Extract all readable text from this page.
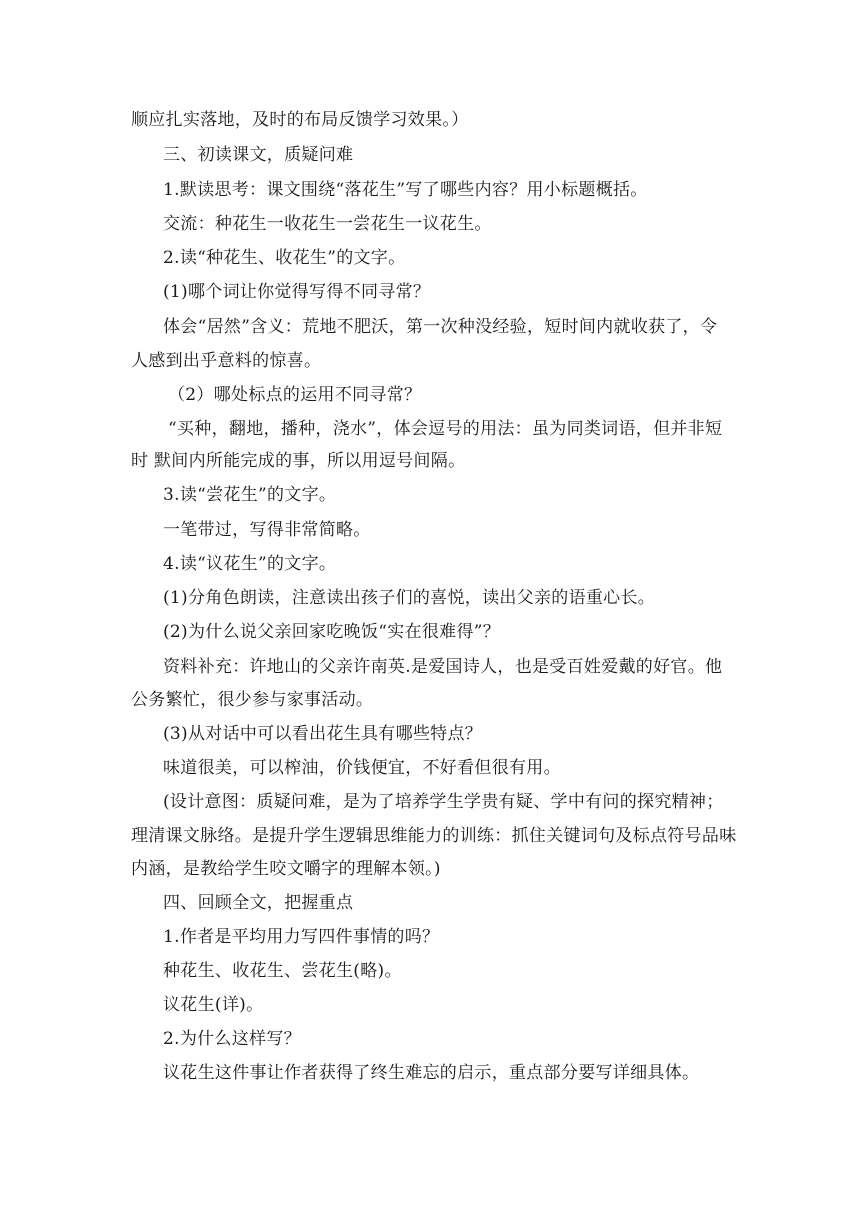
顺应扎实落地，及时的布局反馈学习效果。）
三、初读课文，质疑问难
1.默读思考：课文围绕“落花生”写了哪些内容？用小标题概括。
交流：种花生一收花生一尝花生一议花生。
2.读“种花生、收花生”的文字。
(1)哪个词让你觉得写得不同寻常？
体会“居然”含义：荒地不肥沃，第一次种没经验，短时间内就收获了，令
人感到出乎意料的惊喜。
（2）哪处标点的运用不同寻常？
“买种，翻地，播种，浇水”，体会逗号的用法：虽为同类词语，但并非短
时 默间内所能完成的事，所以用逗号间隔。
3.读“尝花生”的文字。
一笔带过，写得非常简略。
4.读“议花生”的文字。
(1)分角色朗读，注意读出孩子们的喜悦，读出父亲的语重心长。
(2)为什么说父亲回家吃晚饭“实在很难得”？
资料补充：许地山的父亲许南英.是爱国诗人，也是受百姓爱戴的好官。他
公务繁忙，很少参与家事活动。
(3)从对话中可以看出花生具有哪些特点？
味道很美，可以榨油，价钱便宜，不好看但很有用。
(设计意图：质疑问难，是为了培养学生学贵有疑、学中有问的探究精神；
理清课文脉络。是提升学生逻辑思维能力的训练：抓住关键词句及标点符号品味
内涵，是教给学生咬文嚼字的理解本领。)
四、回顾全文，把握重点
1.作者是平均用力写四件事情的吗？
种花生、收花生、尝花生(略)。
议花生(详)。
2.为什么这样写？
议花生这件事让作者获得了终生难忘的启示，重点部分要写详细具体。
